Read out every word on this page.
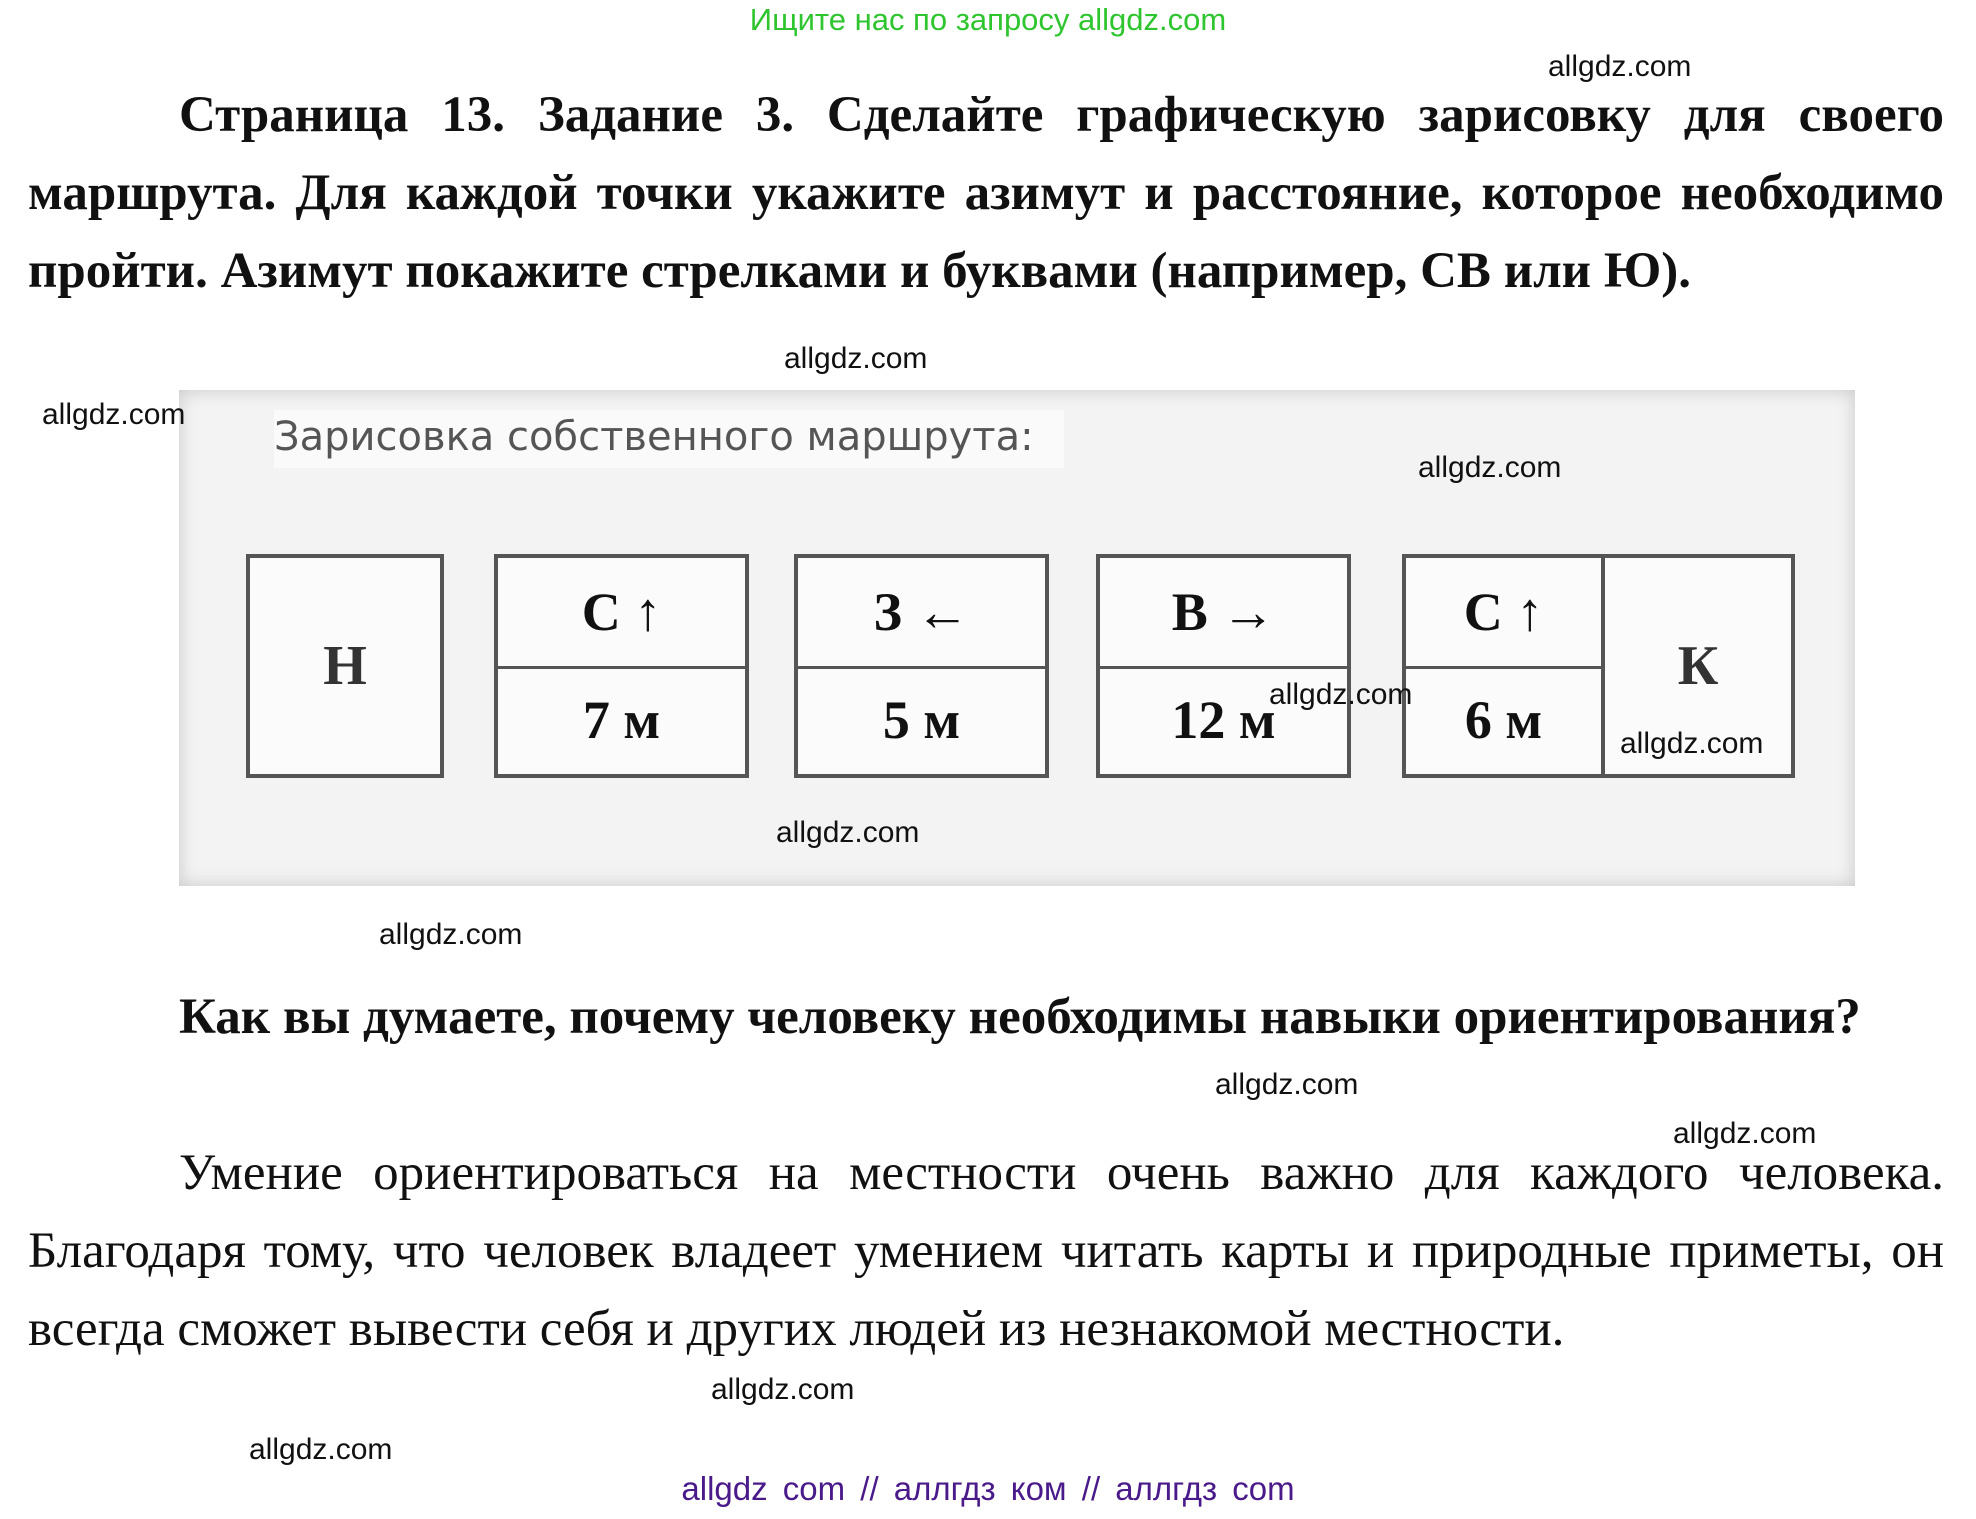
Ищите нас по запросу allgdz.com
Страница 13. Задание 3. Сделайте графическую зарисовку для своего маршрута. Для каждой точки укажите азимут и расстояние, которое необходимо пройти. Азимут покажите стрелками и буквами (например, СВ или Ю).
Зарисовка собственного маршрута:
Н
С ↑
7 м
З ←
5 м
В →
12 м
С ↑
6 м
К
Как вы думаете, почему человеку необходимы навыки ориентирования?
Умение ориентироваться на местности очень важно для каждого человека. Благодаря тому, что человек владеет умением читать карты и природные приметы, он всегда сможет вывести себя и других людей из незнакомой местности.
allgdz.com
allgdz.com
allgdz.com
allgdz.com
allgdz.com
allgdz.com
allgdz.com
allgdz.com
allgdz.com
allgdz.com
allgdz.com
allgdz.com
allgdz com // аллгдз ком // аллгдз com
